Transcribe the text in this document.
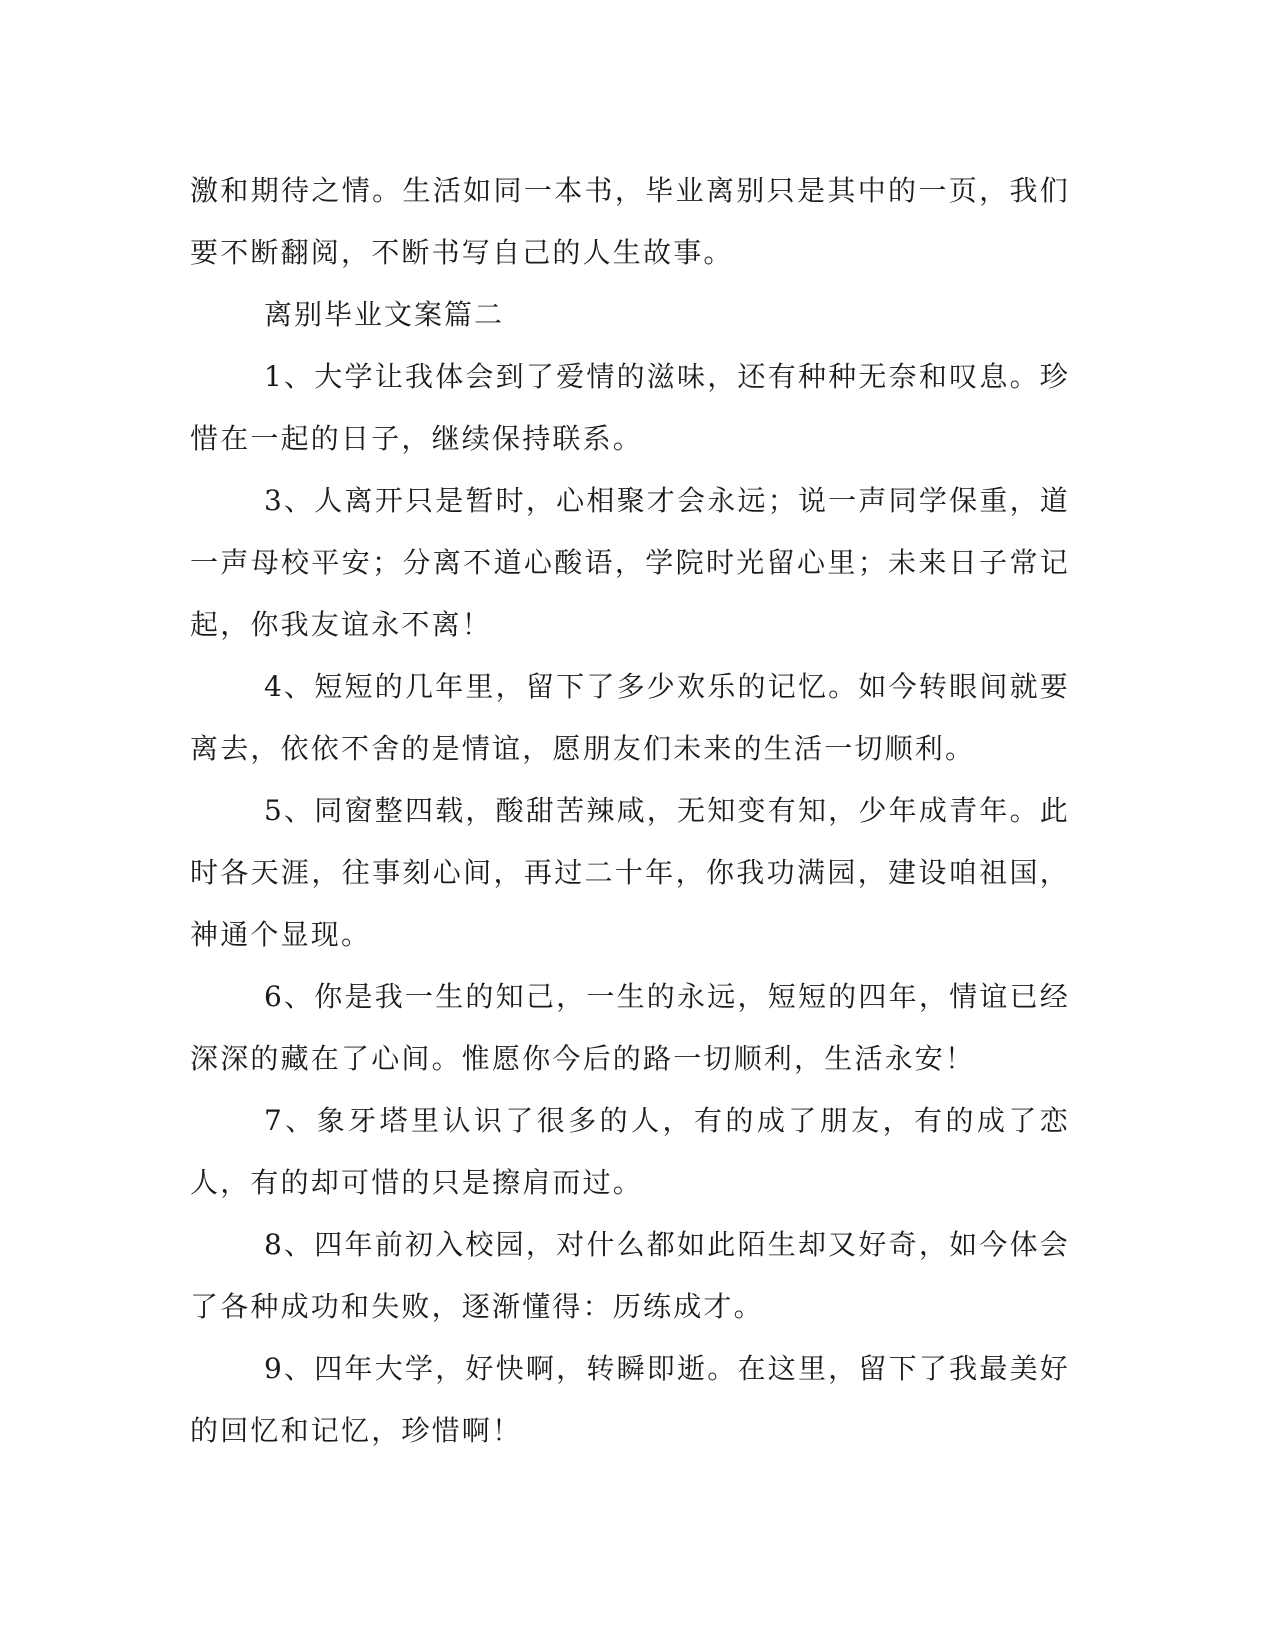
激和期待之情。生活如同一本书，毕业离别只是其中的一页，我们要不断翻阅，不断书写自己的人生故事。

离别毕业文案篇二

1、大学让我体会到了爱情的滋味，还有种种无奈和叹息。珍惜在一起的日子，继续保持联系。

3、人离开只是暂时，心相聚才会永远；说一声同学保重，道一声母校平安；分离不道心酸语，学院时光留心里；未来日子常记起，你我友谊永不离！

4、短短的几年里，留下了多少欢乐的记忆。如今转眼间就要离去，依依不舍的是情谊，愿朋友们未来的生活一切顺利。

5、同窗整四载，酸甜苦辣咸，无知变有知，少年成青年。此时各天涯，往事刻心间，再过二十年，你我功满园，建设咱祖国，神通个显现。

6、你是我一生的知己，一生的永远，短短的四年，情谊已经深深的藏在了心间。惟愿你今后的路一切顺利，生活永安！

7、象牙塔里认识了很多的人，有的成了朋友，有的成了恋人，有的却可惜的只是擦肩而过。

8、四年前初入校园，对什么都如此陌生却又好奇，如今体会了各种成功和失败，逐渐懂得：历练成才。

9、四年大学，好快啊，转瞬即逝。在这里，留下了我最美好的回忆和记忆，珍惜啊！
